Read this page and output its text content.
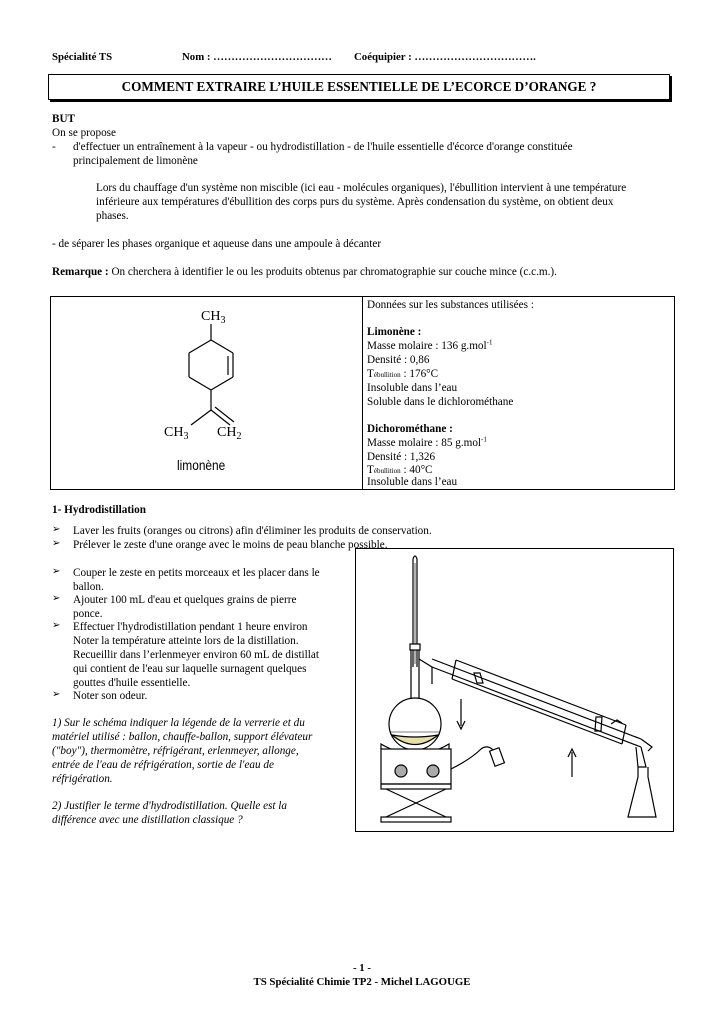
Spécialité TS	Nom : …………………………… Coéquipier : …………………………….
COMMENT EXTRAIRE L’HUILE ESSENTIELLE DE L’ECORCE D’ORANGE ?
BUT
On se propose
- d'effectuer un entraînement à la vapeur - ou hydrodistillation - de l'huile essentielle d'écorce d'orange constituée
principalement de limonène
Lors du chauffage d'un système non miscible (ici eau - molécules organiques), l'ébullition intervient à une température
inférieure aux températures d'ébullition des corps purs du système. Après condensation du système, on obtient deux
phases.
- de séparer les phases organique et aqueuse dans une ampoule à décanter
Remarque : On cherchera à identifier le ou les produits obtenus par chromatographie sur couche mince (c.c.m.).
$CH_3$
$CH_3$ $CH_2$
limonène
Données sur les substances utilisées :
Limonène :
Masse molaire : 136 g.mol$^{-1}$
Densité : 0,86
Tébullition : 176°C
Insoluble dans l’eau
Soluble dans le dichlorométhane
Dichorométhane :
Masse molaire : 85 g.mol$^{-1}$
Densité : 1,326
Tébullition : 40°C
Insoluble dans l’eau
1- Hydrodistillation
➢ Laver les fruits (oranges ou citrons) afin d'éliminer les produits de conservation.
➢ Prélever le zeste d'une orange avec le moins de peau blanche possible.
➢ Couper le zeste en petits morceaux et les placer dans le
ballon.
➢ Ajouter 100 mL d'eau et quelques grains de pierre
ponce.
➢ Effectuer l'hydrodistillation pendant 1 heure environ
Noter la température atteinte lors de la distillation.
Recueillir dans l’erlenmeyer environ 60 mL de distillat
qui contient de l'eau sur laquelle surnagent quelques
gouttes d'huile essentielle.
➢ Noter son odeur.
1) Sur le schéma indiquer la légende de la verrerie et du
matériel utilisé : ballon, chauffe-ballon, support élévateur
("boy"), thermomètre, réfrigérant, erlenmeyer, allonge,
entrée de l'eau de réfrigération, sortie de l'eau de
réfrigération.
2) Justifier le terme d'hydrodistillation. Quelle est la
différence avec une distillation classique ?
- 1 -
TS Spécialité Chimie TP2 - Michel LAGOUGE
